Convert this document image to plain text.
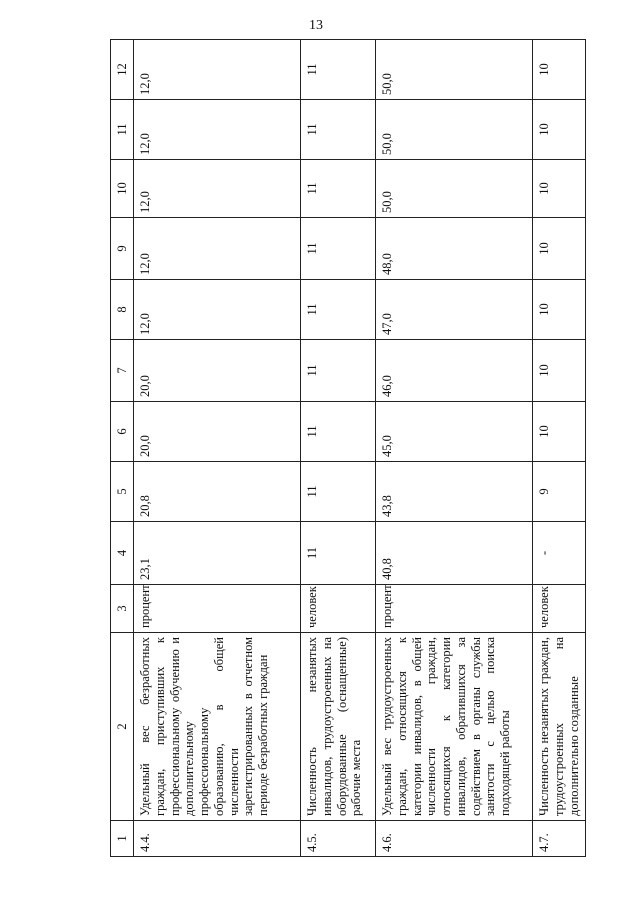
13
1	2	3	4	5	6	7	8	9	10	11	12
4.4.	Удельный вес безработных граждан, приступивших к профессиональному обучению и дополнительному профессиональному образованию, в общей численности зарегистрированных в отчетном периоде безработных граждан	процент	23,1	20,8	20,0	20,0	12,0	12,0	12,0	12,0	12,0
4.5.	Численность незанятых инвалидов, трудоустроенных на оборудованные (оснащенные) рабочие места	человек	11	11	11	11	11	11	11	11	11
4.6.	Удельный вес трудоустроенных граждан, относящихся к категории инвалидов, в общей численности граждан, относящихся к категории инвалидов, обратившихся за содействием в органы службы занятости с целью поиска подходящей работы	процент	40,8	43,8	45,0	46,0	47,0	48,0	50,0	50,0	50,0
4.7.	Численность незанятых граждан, трудоустроенных на дополнительно созданные	человек	-	9	10	10	10	10	10	10	10
